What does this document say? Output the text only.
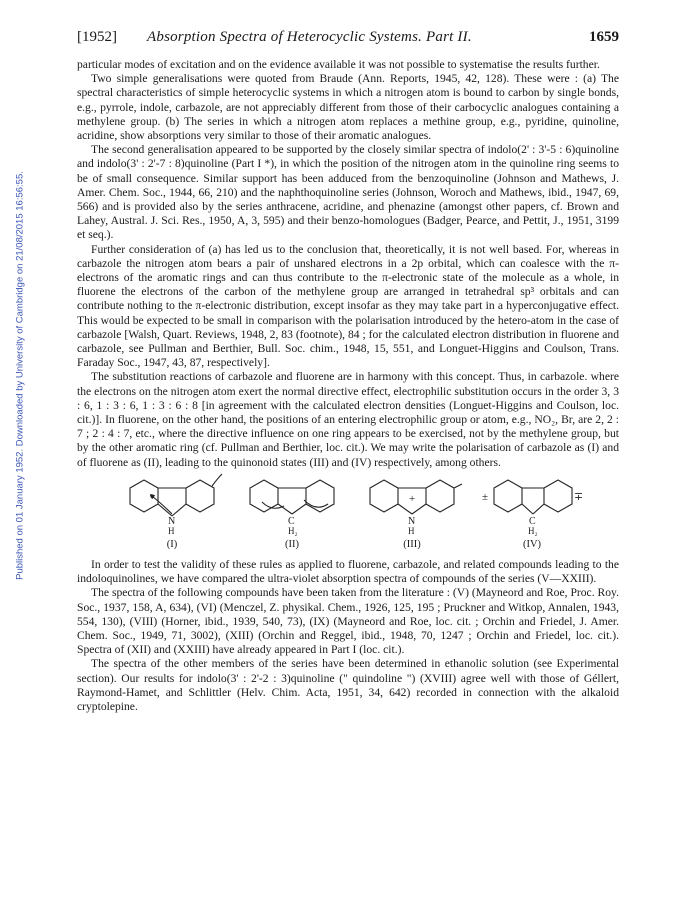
[1952] Absorption Spectra of Heterocyclic Systems. Part II.	1659
Published on 01 January 1952. Downloaded by University of Cambridge on 21/08/2015 16:56:55.

particular modes of excitation and on the evidence available it was not possible to systematise the results further.

Two simple generalisations were quoted from Braude (Ann. Reports, 1945, 42, 128). These were : (a) The spectral characteristics of simple heterocyclic systems in which a nitrogen atom is bound to carbon by single bonds, e.g., pyrrole, indole, carbazole, are not appreciably different from those of their carbocyclic analogues containing a methylene group. (b) The series in which a nitrogen atom replaces a methine group, e.g., pyridine, quinoline, acridine, show absorptions very similar to those of their aromatic analogues.

The second generalisation appeared to be supported by the closely similar spectra of indolo(2' : 3'-5 : 6)quinoline and indolo(3' : 2'-7 : 8)quinoline (Part I *), in which the position of the nitrogen atom in the quinoline ring seems to be of small consequence. Similar support has been adduced from the benzoquinoline (Johnson and Mathews, J. Amer. Chem. Soc., 1944, 66, 210) and the naphthoquinoline series (Johnson, Woroch and Mathews, ibid., 1947, 69, 566) and is provided also by the series anthracene, acridine, and phenazine (amongst other papers, cf. Brown and Lahey, Austral. J. Sci. Res., 1950, A, 3, 595) and their benzo-homologues (Badger, Pearce, and Pettit, J., 1951, 3199 et seq.).

Further consideration of (a) has led us to the conclusion that, theoretically, it is not well based. For, whereas in carbazole the nitrogen atom bears a pair of unshared electrons in a 2p orbital, which can coalesce with the π-electrons of the aromatic rings and can thus contribute to the π-electronic state of the molecule as a whole, in fluorene the electrons of the carbon of the methylene group are arranged in tetrahedral sp³ orbitals and can contribute nothing to the π-electronic distribution, except insofar as they may take part in a hyperconjugative effect. This would be expected to be small in comparison with the polarisation introduced by the hetero-atom in the case of carbazole [Walsh, Quart. Reviews, 1948, 2, 83 (footnote), 84 ; for the calculated electron distribution in fluorene and carbazole, see Pullman and Berthier, Bull. Soc. chim., 1948, 15, 551, and Longuet-Higgins and Coulson, Trans. Faraday Soc., 1947, 43, 87, respectively].

The substitution reactions of carbazole and fluorene are in harmony with this concept. Thus, in carbazole. where the electrons on the nitrogen atom exert the normal directive effect, electrophilic substitution occurs in the order 3, 3 : 6, 1 : 3 : 6, 1 : 3 : 6 : 8 [in agreement with the calculated electron densities (Longuet-Higgins and Coulson, loc. cit.)]. In fluorene, on the other hand, the positions of an entering electrophilic group or atom, e.g., NO₂, Br, are 2, 2 : 7 ; 2 : 4 : 7, etc., where the directive influence on one ring appears to be exercised, not by the methylene group, but by the other aromatic ring (cf. Pullman and Berthier, loc. cit.). We may write the polarisation of carbazole as (I) and of fluorene as (II), leading to the quinonoid states (III) and (IV) respectively, among others.

N
H
(I)
C
H₂
(II)
+
N
H
(III)
±	∓
C
H₂
(IV)

In order to test the validity of these rules as applied to fluorene, carbazole, and related compounds leading to the indoloquinolines, we have compared the ultra-violet absorption spectra of compounds of the series (V—XXIII).

The spectra of the following compounds have been taken from the literature : (V) (Mayneord and Roe, Proc. Roy. Soc., 1937, 158, A, 634), (VI) (Menczel, Z. physikal. Chem., 1926, 125, 195 ; Pruckner and Witkop, Annalen, 1943, 554, 130), (VIII) (Horner, ibid., 1939, 540, 73), (IX) (Mayneord and Roe, loc. cit. ; Orchin and Friedel, J. Amer. Chem. Soc., 1949, 71, 3002), (XIII) (Orchin and Reggel, ibid., 1948, 70, 1247 ; Orchin and Friedel, loc. cit.). Spectra of (XII) and (XXIII) have already appeared in Part I (loc. cit.).

The spectra of the other members of the series have been determined in ethanolic solution (see Experimental section). Our results for indolo(3' : 2'-2 : 3)quinoline (" quindoline ") (XVIII) agree well with those of Géllert, Raymond-Hamet, and Schlittler (Helv. Chim. Acta, 1951, 34, 642) recorded in connection with the alkaloid cryptolepine.
